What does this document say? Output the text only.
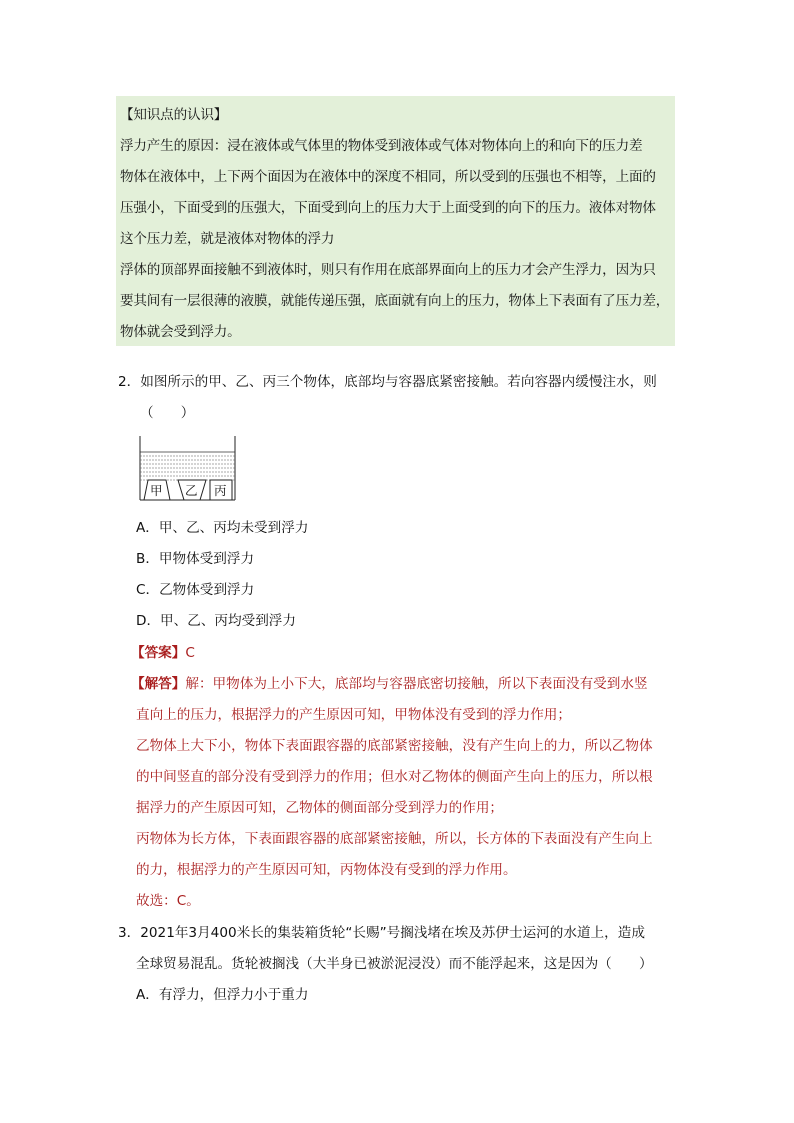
【知识点的认识】
浮力产生的原因：浸在液体或气体里的物体受到液体或气体对物体向上的和向下的压力差
物体在液体中，上下两个面因为在液体中的深度不相同，所以受到的压强也不相等，上面的
压强小，下面受到的压强大，下面受到向上的压力大于上面受到的向下的压力。液体对物体
这个压力差，就是液体对物体的浮力
浮体的顶部界面接触不到液体时，则只有作用在底部界面向上的压力才会产生浮力，因为只
要其间有一层很薄的液膜，就能传递压强，底面就有向上的压力，物体上下表面有了压力差，
物体就会受到浮力。
2．如图所示的甲、乙、丙三个物体，底部均与容器底紧密接触。若向容器内缓慢注水，则
（　　）
甲 乙 丙
A．甲、乙、丙均未受到浮力
B．甲物体受到浮力
C．乙物体受到浮力
D．甲、乙、丙均受到浮力
【答案】C
【解答】解：甲物体为上小下大，底部均与容器底密切接触，所以下表面没有受到水竖
直向上的压力，根据浮力的产生原因可知，甲物体没有受到的浮力作用；
乙物体上大下小，物体下表面跟容器的底部紧密接触，没有产生向上的力，所以乙物体
的中间竖直的部分没有受到浮力的作用；但水对乙物体的侧面产生向上的压力，所以根
据浮力的产生原因可知，乙物体的侧面部分受到浮力的作用；
丙物体为长方体，下表面跟容器的底部紧密接触，所以，长方体的下表面没有产生向上
的力，根据浮力的产生原因可知，丙物体没有受到的浮力作用。
故选：C。
3．2021年3月400米长的集装箱货轮“长赐”号搁浅堵在埃及苏伊士运河的水道上，造成
全球贸易混乱。货轮被搁浅（大半身已被淤泥浸没）而不能浮起来，这是因为（　　）
A．有浮力，但浮力小于重力
